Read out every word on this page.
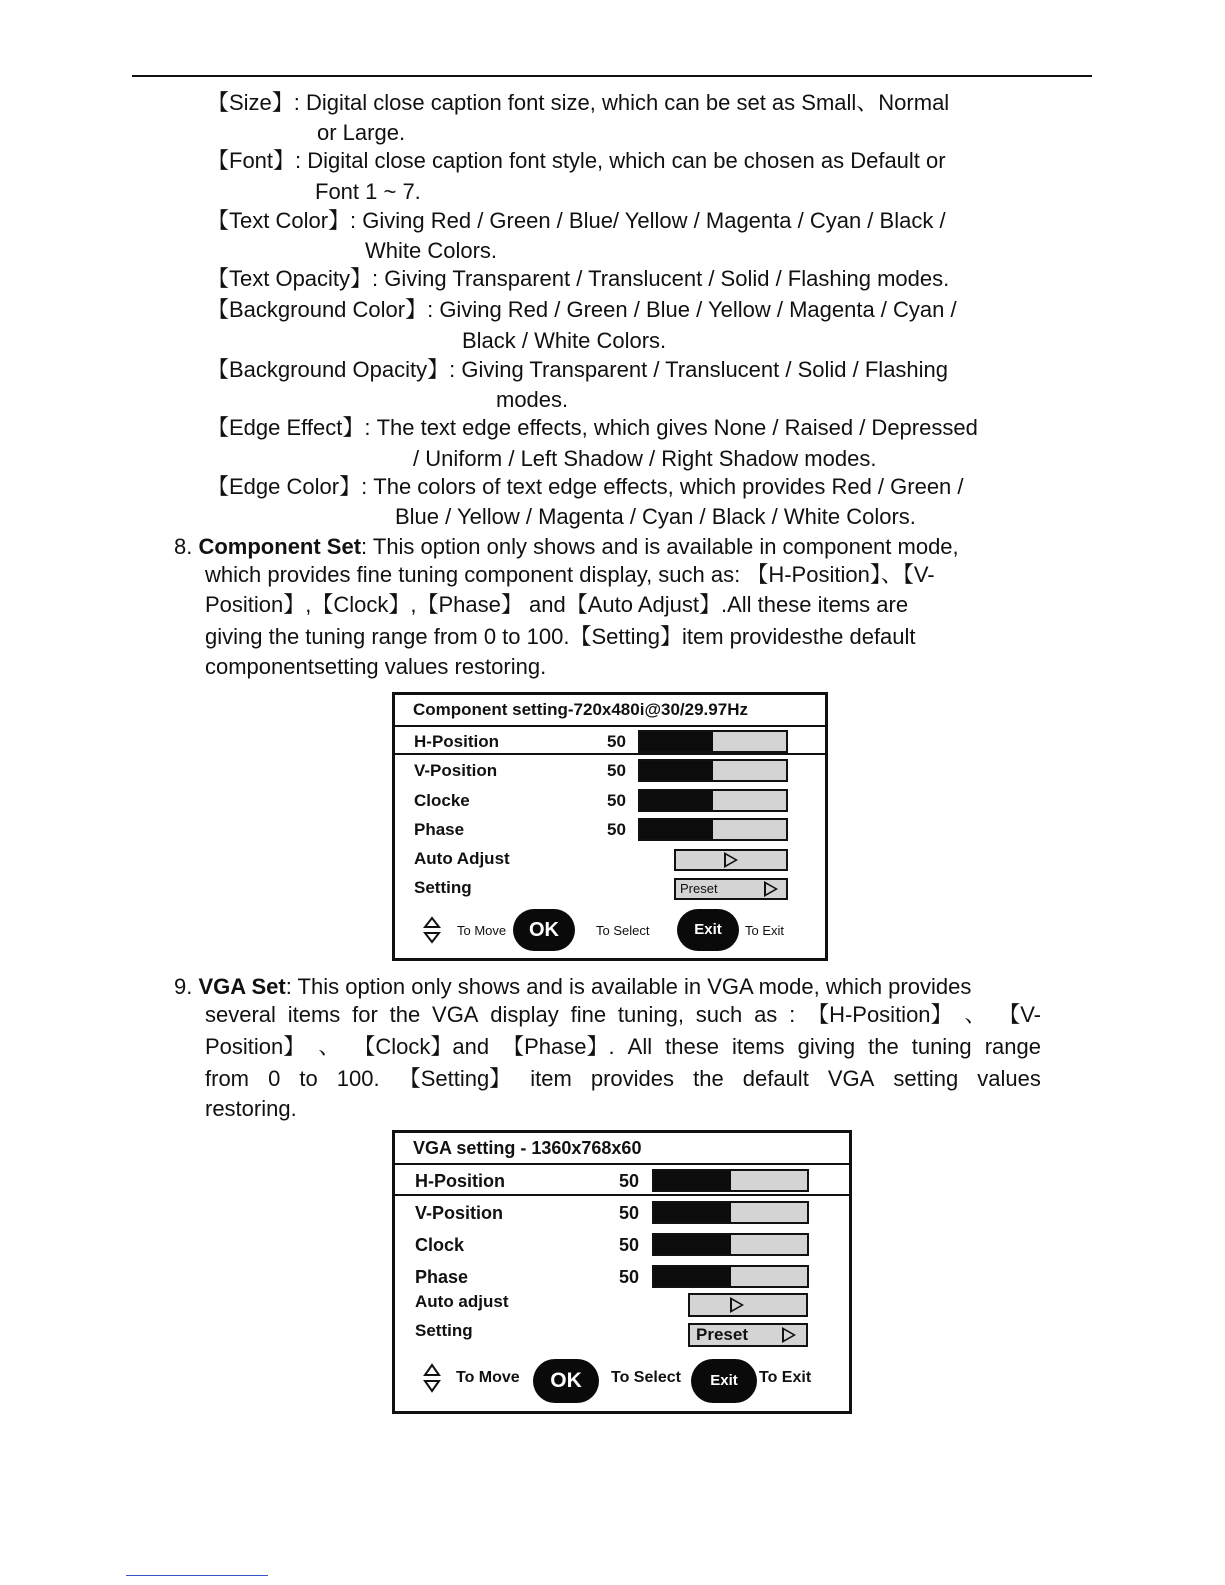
【Size】: Digital close caption font size, which can be set as Small、Normal
or Large.
【Font】: Digital close caption font style, which can be chosen as Default or
Font 1 ~ 7.
【Text Color】: Giving Red / Green / Blue/ Yellow / Magenta / Cyan / Black /
White Colors.
【Text Opacity】: Giving Transparent / Translucent / Solid / Flashing modes.
【Background Color】: Giving Red / Green / Blue / Yellow / Magenta / Cyan /
Black / White Colors.
【Background Opacity】: Giving Transparent / Translucent / Solid / Flashing
modes.
【Edge Effect】: The text edge effects, which gives None / Raised / Depressed
/ Uniform / Left Shadow / Right Shadow modes.
【Edge Color】: The colors of text edge effects, which provides Red / Green /
Blue / Yellow / Magenta / Cyan / Black / White Colors.
8. Component Set: This option only shows and is available in component mode,
which provides fine tuning component display, such as: 【H-Position】、【V-
Position】,【Clock】,【Phase】 and【Auto Adjust】.All these items are
giving the tuning range from 0 to 100.【Setting】item providesthe default
componentsetting values restoring.
Component setting-720x480i@30/29.97Hz
H-Position	50
V-Position	50
Clocke	50
Phase	50
Auto Adjust
Setting	Preset
To Move	OK	To Select	Exit	To Exit
9. VGA Set: This option only shows and is available in VGA mode, which provides
several items for the VGA display fine tuning, such as : 【H-Position】 、 【V-
Position】 、 【Clock】and 【Phase】. All these items giving the tuning range
from 0 to 100. 【Setting】 item provides the default VGA setting values
restoring.
VGA setting - 1360x768x60
H-Position	50
V-Position	50
Clock	50
Phase	50
Auto adjust
Setting	Preset
To Move	OK	To Select	Exit	To Exit
